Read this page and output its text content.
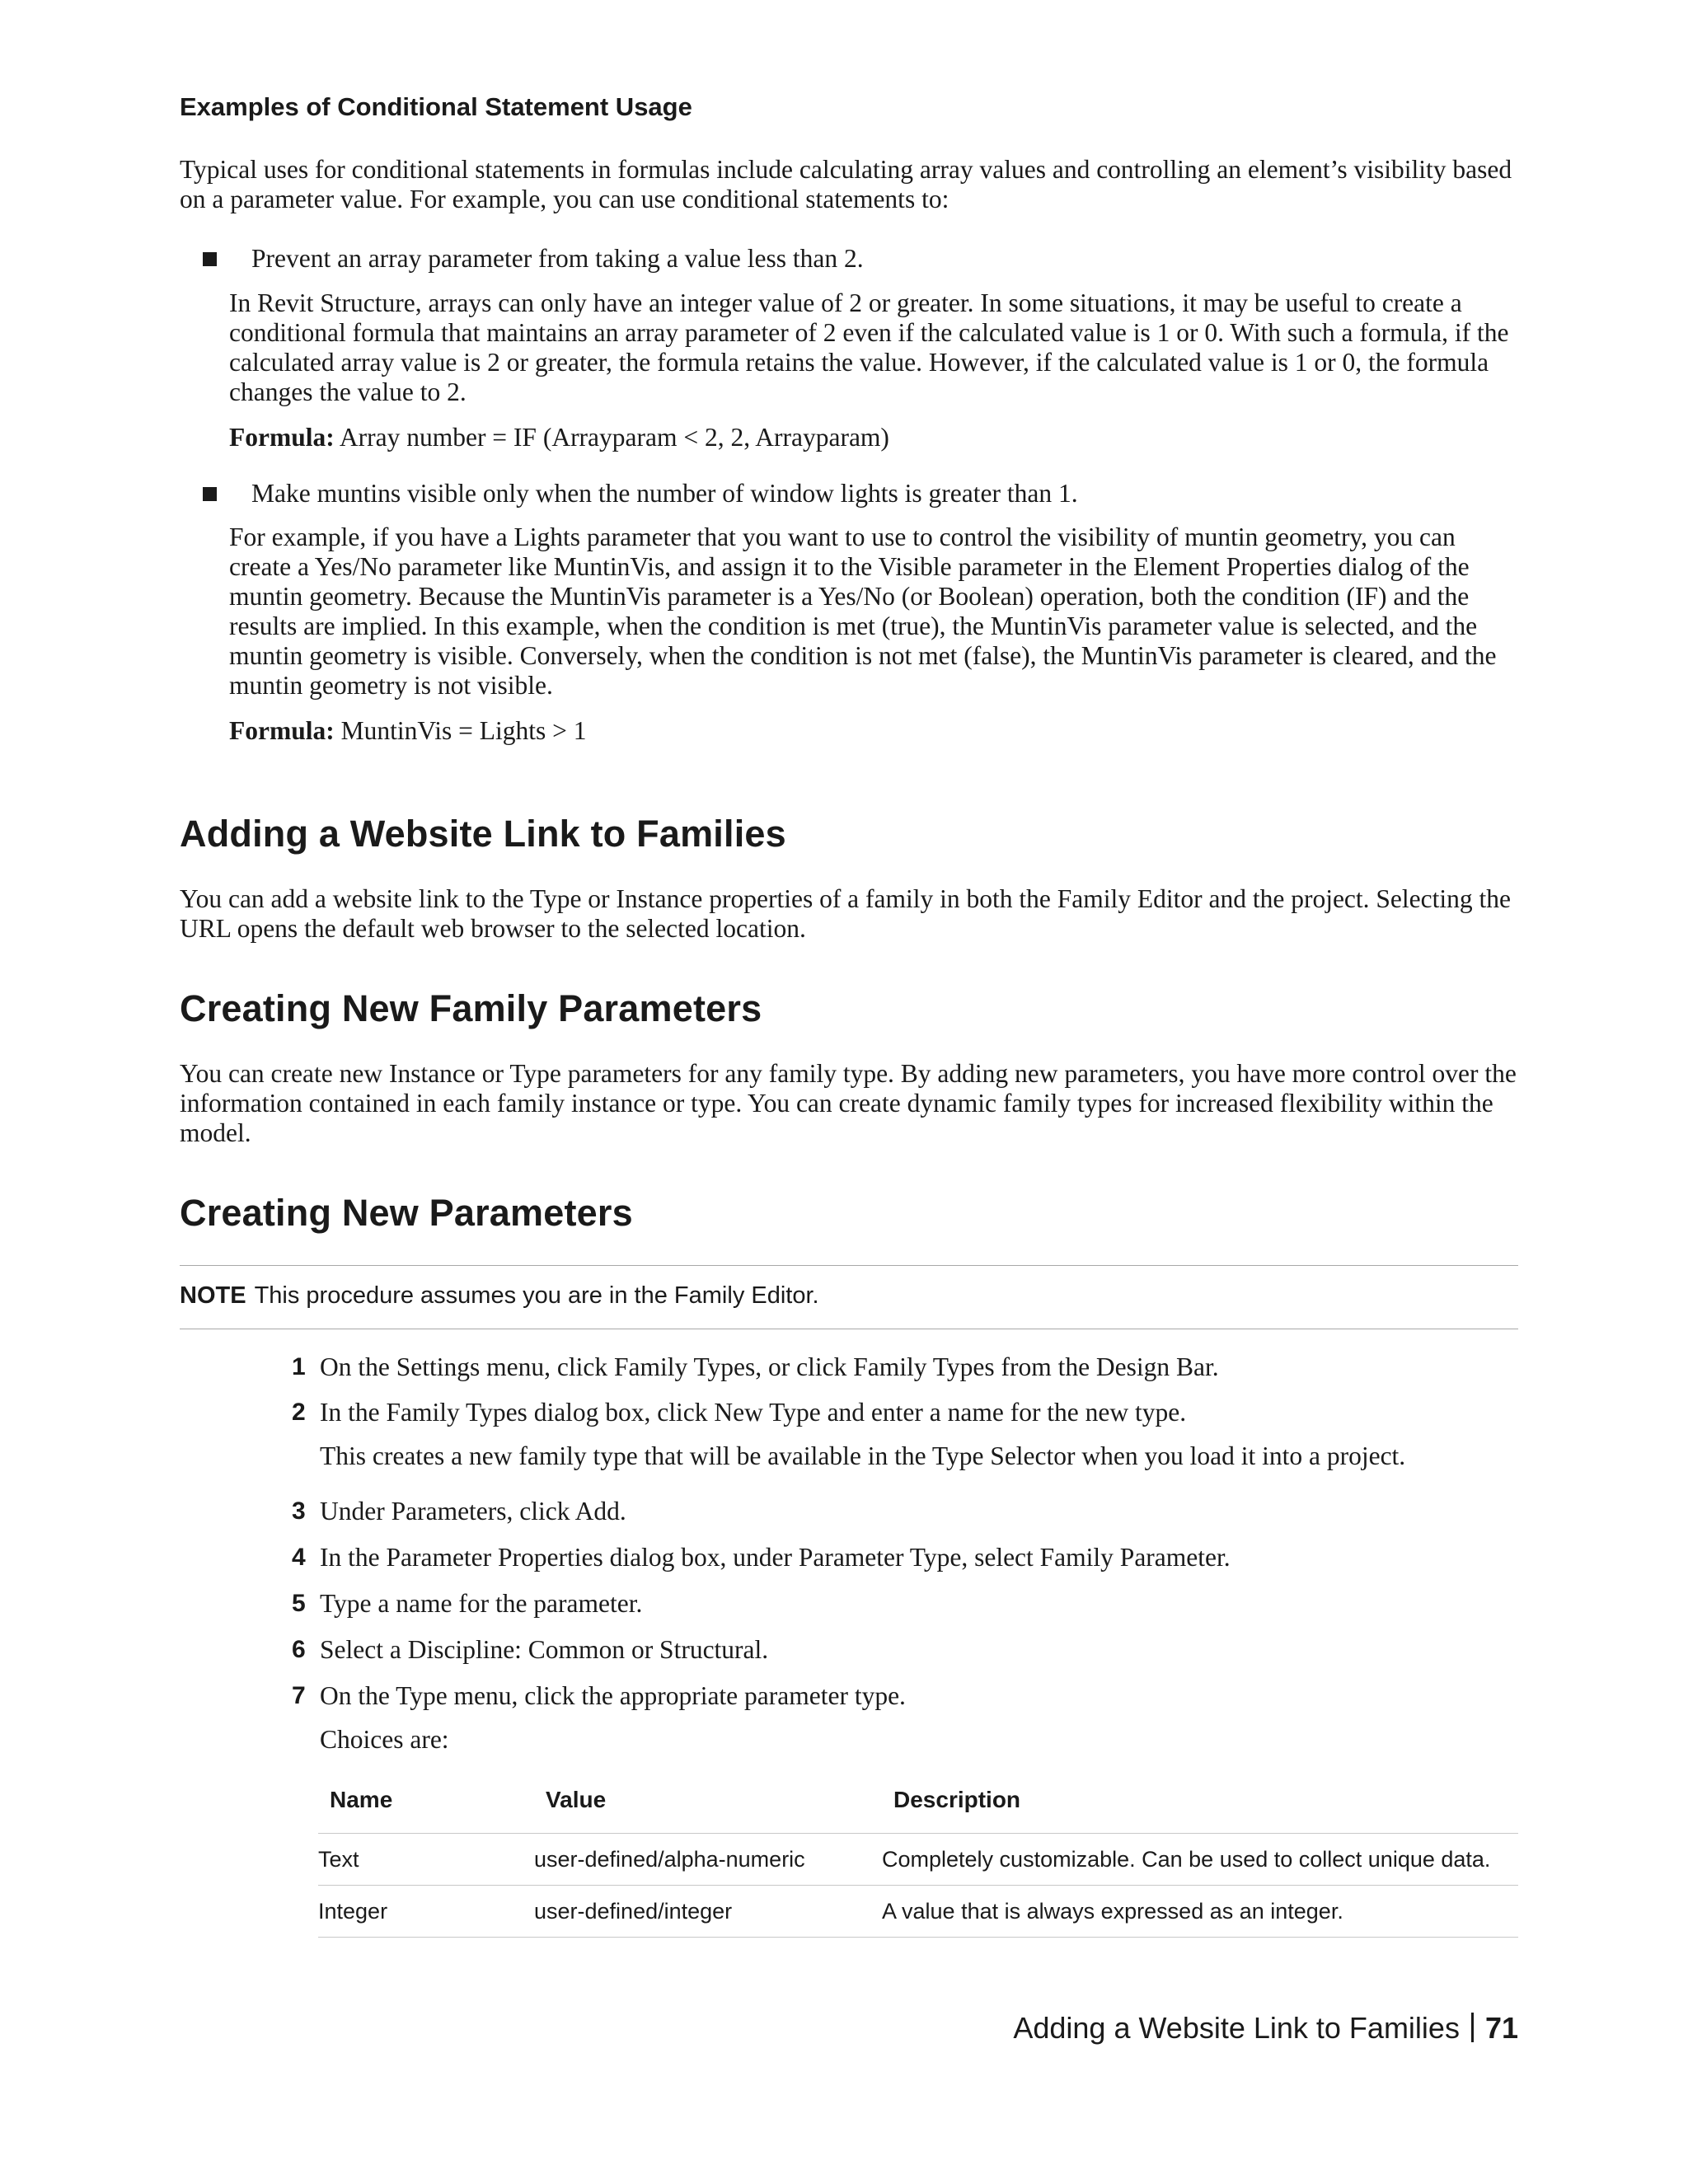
Examples of Conditional Statement Usage

Typical uses for conditional statements in formulas include calculating array values and controlling an element’s visibility based on a parameter value. For example, you can use conditional statements to:

Prevent an array parameter from taking a value less than 2.

In Revit Structure, arrays can only have an integer value of 2 or greater. In some situations, it may be useful to create a conditional formula that maintains an array parameter of 2 even if the calculated value is 1 or 0. With such a formula, if the calculated array value is 2 or greater, the formula retains the value. However, if the calculated value is 1 or 0, the formula changes the value to 2.

Formula: Array number = IF (Arrayparam < 2, 2, Arrayparam)

Make muntins visible only when the number of window lights is greater than 1.

For example, if you have a Lights parameter that you want to use to control the visibility of muntin geometry, you can create a Yes/No parameter like MuntinVis, and assign it to the Visible parameter in the Element Properties dialog of the muntin geometry. Because the MuntinVis parameter is a Yes/No (or Boolean) operation, both the condition (IF) and the results are implied. In this example, when the condition is met (true), the MuntinVis parameter value is selected, and the muntin geometry is visible. Conversely, when the condition is not met (false), the MuntinVis parameter is cleared, and the muntin geometry is not visible.

Formula: MuntinVis = Lights > 1

Adding a Website Link to Families

You can add a website link to the Type or Instance properties of a family in both the Family Editor and the project. Selecting the URL opens the default web browser to the selected location.

Creating New Family Parameters

You can create new Instance or Type parameters for any family type. By adding new parameters, you have more control over the information contained in each family instance or type. You can create dynamic family types for increased flexibility within the model.

Creating New Parameters
NOTE This procedure assumes you are in the Family Editor.
1 On the Settings menu, click Family Types, or click Family Types from the Design Bar.
2 In the Family Types dialog box, click New Type and enter a name for the new type.
This creates a new family type that will be available in the Type Selector when you load it into a project.
3 Under Parameters, click Add.
4 In the Parameter Properties dialog box, under Parameter Type, select Family Parameter.
5 Type a name for the parameter.
6 Select a Discipline: Common or Structural.
7 On the Type menu, click the appropriate parameter type.
Choices are:
Name	Value	Description
Text	user-defined/alpha-numeric	Completely customizable. Can be used to collect unique data.
Integer	user-defined/integer	A value that is always expressed as an integer.
Adding a Website Link to Families 71
